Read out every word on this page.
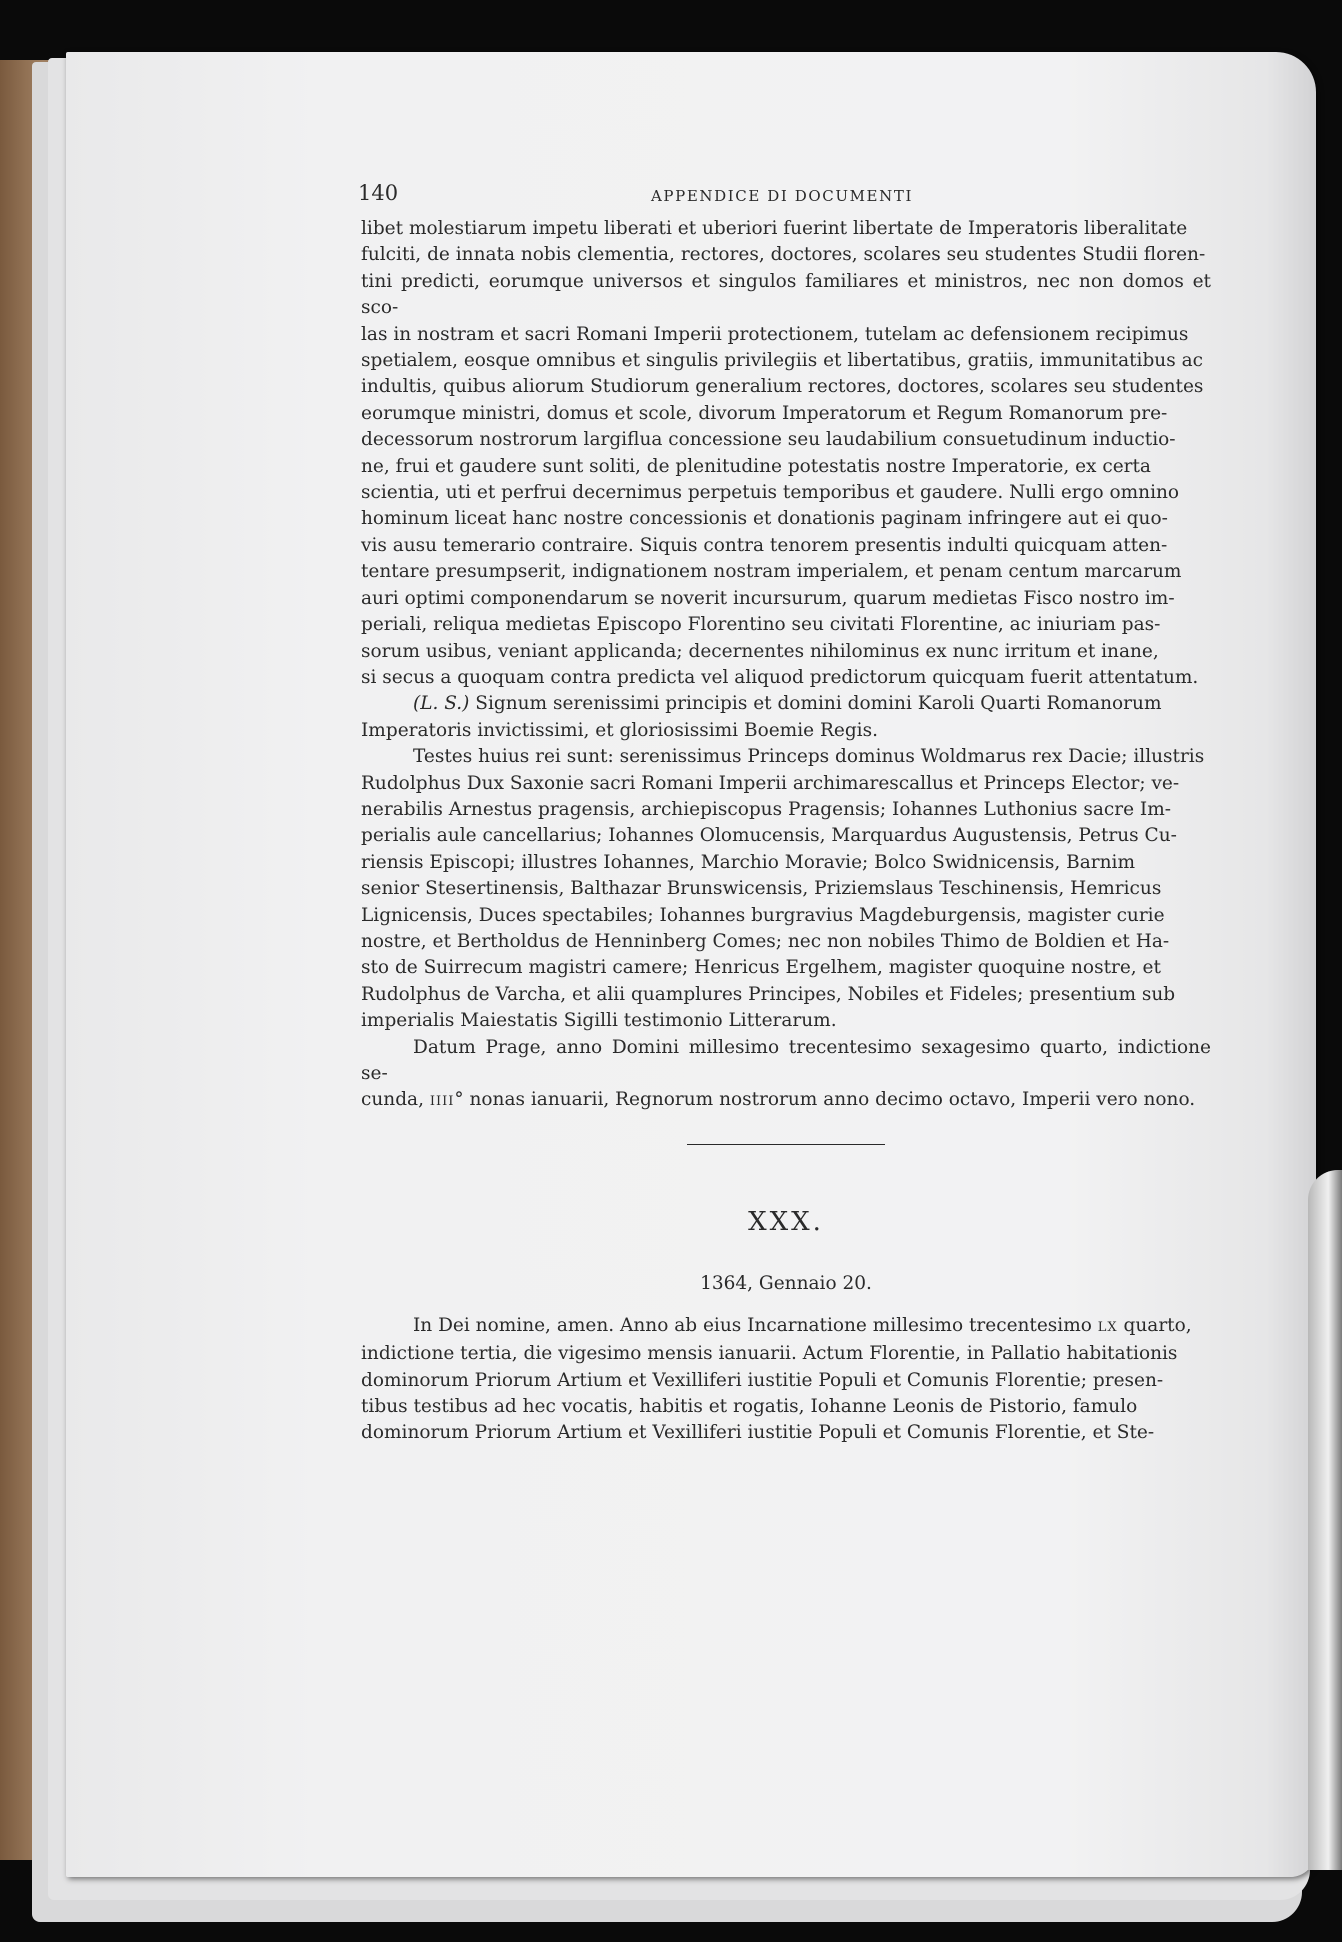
140	APPENDICE DI DOCUMENTI

libet molestiarum impetu liberati et uberiori fuerint libertate de Imperatoris liberalitate
fulciti, de innata nobis clementia, rectores, doctores, scolares seu studentes Studii floren-
tini predicti, eorumque universos et singulos familiares et ministros, nec non domos et sco-
las in nostram et sacri Romani Imperii protectionem, tutelam ac defensionem recipimus
spetialem, eosque omnibus et singulis privilegiis et libertatibus, gratiis, immunitatibus ac
indultis, quibus aliorum Studiorum generalium rectores, doctores, scolares seu studentes
eorumque ministri, domus et scole, divorum Imperatorum et Regum Romanorum pre-
decessorum nostrorum largiflua concessione seu laudabilium consuetudinum inductio-
ne, frui et gaudere sunt soliti, de plenitudine potestatis nostre Imperatorie, ex certa
scientia, uti et perfrui decernimus perpetuis temporibus et gaudere. Nulli ergo omnino
hominum liceat hanc nostre concessionis et donationis paginam infringere aut ei quo-
vis ausu temerario contraire. Siquis contra tenorem presentis indulti quicquam atten-
tentare presumpserit, indignationem nostram imperialem, et penam centum marcarum
auri optimi componendarum se noverit incursurum, quarum medietas Fisco nostro im-
periali, reliqua medietas Episcopo Florentino seu civitati Florentine, ac iniuriam pas-
sorum usibus, veniant applicanda; decernentes nihilominus ex nunc irritum et inane,
si secus a quoquam contra predicta vel aliquod predictorum quicquam fuerit attentatum.

(L. S.) Signum serenissimi principis et domini domini Karoli Quarti Romanorum
Imperatoris invictissimi, et gloriosissimi Boemie Regis.

Testes huius rei sunt: serenissimus Princeps dominus Woldmarus rex Dacie; illustris
Rudolphus Dux Saxonie sacri Romani Imperii archimarescallus et Princeps Elector; ve-
nerabilis Arnestus pragensis, archiepiscopus Pragensis; Iohannes Luthonius sacre Im-
perialis aule cancellarius; Iohannes Olomucensis, Marquardus Augustensis, Petrus Cu-
riensis Episcopi; illustres Iohannes, Marchio Moravie; Bolco Swidnicensis, Barnim
senior Stesertinensis, Balthazar Brunswicensis, Priziemslaus Teschinensis, Hemricus
Lignicensis, Duces spectabiles; Iohannes burgravius Magdeburgensis, magister curie
nostre, et Bertholdus de Henninberg Comes; nec non nobiles Thimo de Boldien et Ha-
sto de Suirrecum magistri camere; Henricus Ergelhem, magister quoquine nostre, et
Rudolphus de Varcha, et alii quamplures Principes, Nobiles et Fideles; presentium sub
imperialis Maiestatis Sigilli testimonio Litterarum.

Datum Prage, anno Domini millesimo trecentesimo sexagesimo quarto, indictione se-
cunda, IIII° nonas ianuarii, Regnorum nostrorum anno decimo octavo, Imperii vero nono.

XXX.
1364, Gennaio 20.

In Dei nomine, amen. Anno ab eius Incarnatione millesimo trecentesimo LX quarto,
indictione tertia, die vigesimo mensis ianuarii. Actum Florentie, in Pallatio habitationis
dominorum Priorum Artium et Vexilliferi iustitie Populi et Comunis Florentie; presen-
tibus testibus ad hec vocatis, habitis et rogatis, Iohanne Leonis de Pistorio, famulo
dominorum Priorum Artium et Vexilliferi iustitie Populi et Comunis Florentie, et Ste-
